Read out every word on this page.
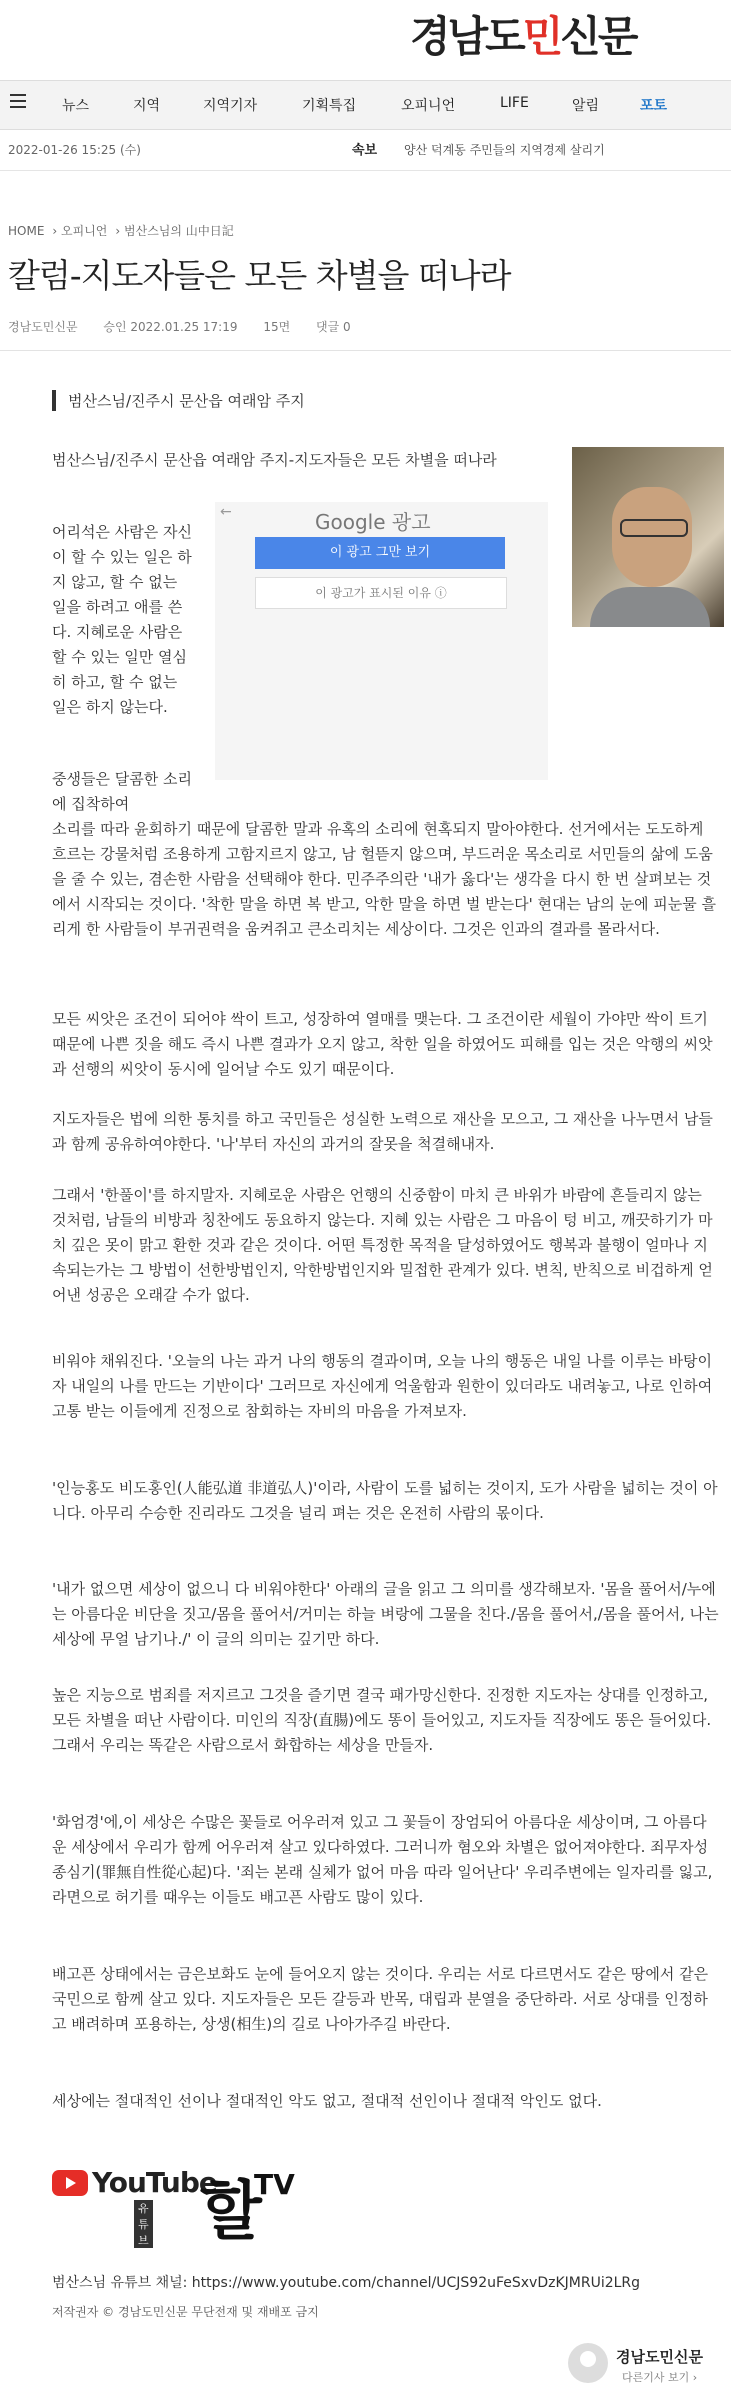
경남도민신문
뉴스	지역	지역기자	기획특집	오피니언	LIFE	알림	포토
2022-01-26 15:25 (수)	속보 양산 덕계동 주민들의 지역경제 살리기
HOME › 오피니언 › 범산스님의 山中日記
칼럼-지도자들은 모든 차별을 떠나라
경남도민신문 승인 2022.01.25 17:19 15면 댓글 0
범산스님/진주시 문산읍 여래암 주지
범산스님/진주시 문산읍 여래암 주지-지도자들은 모든 차별을 떠나라
어리석은 사람은 자신이 할 수 있는 일은 하지 않고, 할 수 없는 일을 하려고 애를 쓴다. 지혜로운 사람은 할 수 있는 일만 열심히 하고, 할 수 없는 일은 하지 않는다.
←	Google 광고
이 광고 그만 보기
이 광고가 표시된 이유 ⓘ
중생들은 달콤한 소리에 집착하여
소리를 따라 윤회하기 때문에 달콤한 말과 유혹의 소리에 현혹되지 말아야한다. 선거에서는 도도하게 흐르는 강물처럼 조용하게 고함지르지 않고, 남 헐뜯지 않으며, 부드러운 목소리로 서민들의 삶에 도움을 줄 수 있는, 겸손한 사람을 선택해야 한다. 민주주의란 '내가 옳다'는 생각을 다시 한 번 살펴보는 것에서 시작되는 것이다. '착한 말을 하면 복 받고, 악한 말을 하면 벌 받는다' 현대는 남의 눈에 피눈물 흘리게 한 사람들이 부귀권력을 움켜쥐고 큰소리치는 세상이다. 그것은 인과의 결과를 몰라서다.
모든 씨앗은 조건이 되어야 싹이 트고, 성장하여 열매를 맺는다. 그 조건이란 세월이 가야만 싹이 트기 때문에 나쁜 짓을 해도 즉시 나쁜 결과가 오지 않고, 착한 일을 하였어도 피해를 입는 것은 악행의 씨앗과 선행의 씨앗이 동시에 일어날 수도 있기 때문이다.
지도자들은 법에 의한 통치를 하고 국민들은 성실한 노력으로 재산을 모으고, 그 재산을 나누면서 남들과 함께 공유하여야한다. '나'부터 자신의 과거의 잘못을 척결해내자.
그래서 '한풀이'를 하지말자. 지혜로운 사람은 언행의 신중함이 마치 큰 바위가 바람에 흔들리지 않는 것처럼, 남들의 비방과 칭찬에도 동요하지 않는다. 지혜 있는 사람은 그 마음이 텅 비고, 깨끗하기가 마치 깊은 못이 맑고 환한 것과 같은 것이다. 어떤 특정한 목적을 달성하였어도 행복과 불행이 얼마나 지속되는가는 그 방법이 선한방법인지, 악한방법인지와 밀접한 관계가 있다. 변칙, 반칙으로 비겁하게 얻어낸 성공은 오래갈 수가 없다.
비워야 채워진다. '오늘의 나는 과거 나의 행동의 결과이며, 오늘 나의 행동은 내일 나를 이루는 바탕이자 내일의 나를 만드는 기반이다' 그러므로 자신에게 억울함과 원한이 있더라도 내려놓고, 나로 인하여 고통 받는 이들에게 진정으로 참회하는 자비의 마음을 가져보자.
'인능홍도 비도홍인(人能弘道 非道弘人)'이라, 사람이 도를 넓히는 것이지, 도가 사람을 넓히는 것이 아니다. 아무리 수승한 진리라도 그것을 널리 펴는 것은 온전히 사람의 몫이다.
'내가 없으면 세상이 없으니 다 비워야한다' 아래의 글을 읽고 그 의미를 생각해보자. '몸을 풀어서/누에는 아름다운 비단을 짓고/몸을 풀어서/거미는 하늘 벼랑에 그물을 친다./몸을 풀어서,/몸을 풀어서, 나는 세상에 무얼 남기나./' 이 글의 의미는 깊기만 하다.
높은 지능으로 범죄를 저지르고 그것을 즐기면 결국 패가망신한다. 진정한 지도자는 상대를 인정하고, 모든 차별을 떠난 사람이다. 미인의 직장(直腸)에도 똥이 들어있고, 지도자들 직장에도 똥은 들어있다. 그래서 우리는 똑같은 사람으로서 화합하는 세상을 만들자.
'화엄경'에,이 세상은 수많은 꽃들로 어우러져 있고 그 꽃들이 장엄되어 아름다운 세상이며, 그 아름다운 세상에서 우리가 함께 어우러져 살고 있다하였다. 그러니까 혐오와 차별은 없어져야한다. 죄무자성종심기(罪無自性從心起)다. '죄는 본래 실체가 없어 마음 따라 일어난다' 우리주변에는 일자리를 잃고, 라면으로 허기를 때우는 이들도 배고픈 사람도 많이 있다.
배고픈 상태에서는 금은보화도 눈에 들어오지 않는 것이다. 우리는 서로 다르면서도 같은 땅에서 같은 국민으로 함께 살고 있다. 지도자들은 모든 갈등과 반목, 대립과 분열을 중단하라. 서로 상대를 인정하고 배려하며 포용하는, 상생(相生)의 길로 나아가주길 바란다.
세상에는 절대적인 선이나 절대적인 악도 없고, 절대적 선인이나 절대적 악인도 없다.
YouTube
유튜브 할
TV
범산스님 유튜브 채널: https://www.youtube.com/channel/UCJS92uFeSxvDzKJMRUi2LRg
저작권자 © 경남도민신문 무단전재 및 재배포 금지
경남도민신문
다른기사 보기 ›
